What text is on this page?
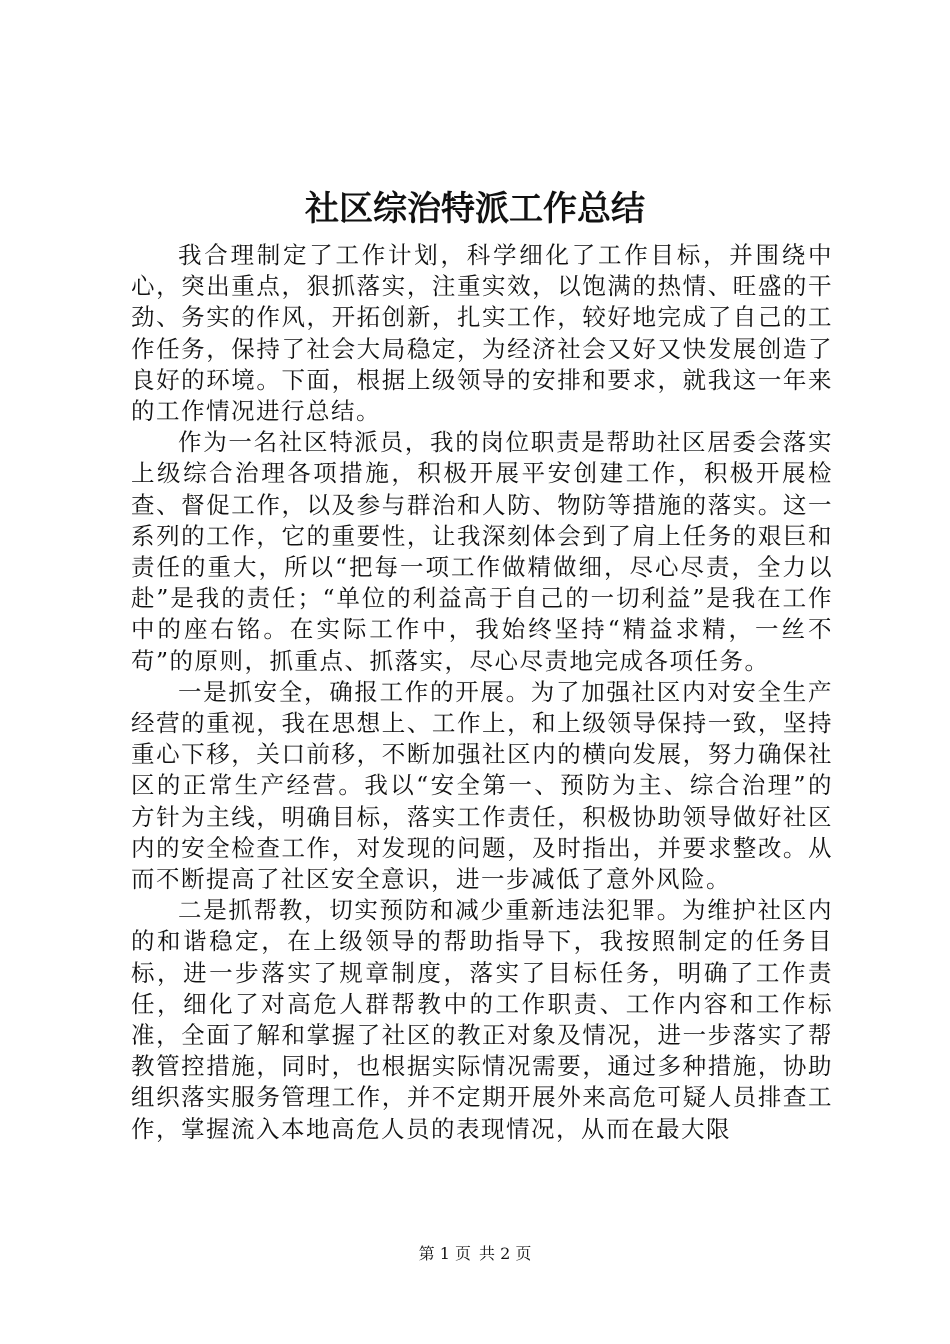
社区综治特派工作总结

我合理制定了工作计划，科学细化了工作目标，并围绕中心，突出重点，狠抓落实，注重实效，以饱满的热情、旺盛的干劲、务实的作风，开拓创新，扎实工作，较好地完成了自己的工作任务，保持了社会大局稳定，为经济社会又好又快发展创造了良好的环境。下面，根据上级领导的安排和要求，就我这一年来的工作情况进行总结。

作为一名社区特派员，我的岗位职责是帮助社区居委会落实上级综合治理各项措施，积极开展平安创建工作，积极开展检查、督促工作，以及参与群治和人防、物防等措施的落实。这一系列的工作，它的重要性，让我深刻体会到了肩上任务的艰巨和责任的重大，所以“把每一项工作做精做细，尽心尽责，全力以赴”是我的责任；“单位的利益高于自己的一切利益”是我在工作中的座右铭。在实际工作中，我始终坚持“精益求精，一丝不苟”的原则，抓重点、抓落实，尽心尽责地完成各项任务。

一是抓安全，确报工作的开展。为了加强社区内对安全生产经营的重视，我在思想上、工作上，和上级领导保持一致，坚持重心下移，关口前移，不断加强社区内的横向发展，努力确保社区的正常生产经营。我以“安全第一、预防为主、综合治理”的方针为主线，明确目标，落实工作责任，积极协助领导做好社区内的安全检查工作，对发现的问题，及时指出，并要求整改。从而不断提高了社区安全意识，进一步减低了意外风险。

二是抓帮教，切实预防和减少重新违法犯罪。为维护社区内的和谐稳定，在上级领导的帮助指导下，我按照制定的任务目标，进一步落实了规章制度，落实了目标任务，明确了工作责任，细化了对高危人群帮教中的工作职责、工作内容和工作标准，全面了解和掌握了社区的教正对象及情况，进一步落实了帮教管控措施，同时，也根据实际情况需要，通过多种措施，协助组织落实服务管理工作，并不定期开展外来高危可疑人员排查工作，掌握流入本地高危人员的表现情况，从而在最大限

第 1 页 共 2 页
